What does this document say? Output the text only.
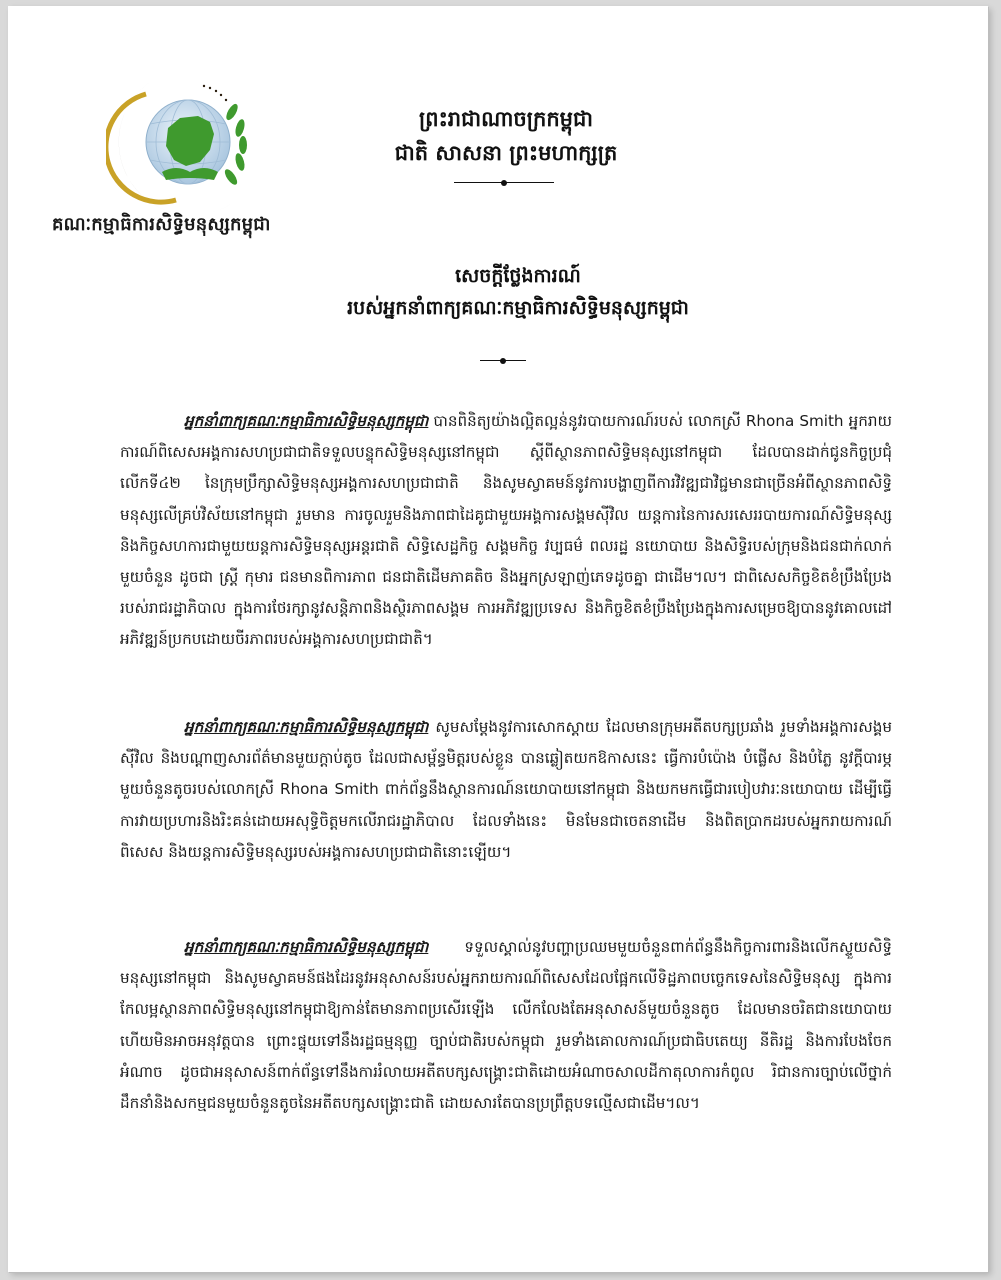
គណៈកម្មាធិការសិទ្ធិមនុស្សកម្ពុជា
ព្រះរាជាណាចក្រកម្ពុជា
ជាតិ សាសនា ព្រះមហាក្សត្រ
សេចក្តីថ្លែងការណ៍
របស់អ្នកនាំពាក្យគណៈកម្មាធិការសិទ្ធិមនុស្សកម្ពុជា
អ្នកនាំពាក្យគណៈកម្មាធិការសិទ្ធិមនុស្សកម្ពុជា បានពិនិត្យយ៉ាងល្អិតល្អន់នូវរបាយការណ៍របស់ លោកស្រី Rhona Smith អ្នករាយការណ៍ពិសេសអង្គការសហប្រជាជាតិទទួលបន្ទុកសិទ្ធិមនុស្សនៅកម្ពុជា ស្តីពីស្ថានភាពសិទ្ធិមនុស្សនៅកម្ពុជា ដែលបានដាក់ជូនកិច្ចប្រជុំលើកទី៤២ នៃក្រុមប្រឹក្សាសិទ្ធិមនុស្សអង្គការសហប្រជាជាតិ និងសូមស្វាគមន៍នូវការបង្ហាញពីការវិវឌ្ឍជាវិជ្ជមានជាច្រើនអំពីស្ថានភាពសិទ្ធិមនុស្សលើគ្រប់វិស័យនៅកម្ពុជា រួមមាន ការចូលរួមនិងភាពជាដៃគូជាមួយអង្គការសង្គមស៊ីវិល យន្តការនៃការសរសេររបាយការណ៍សិទ្ធិមនុស្ស និងកិច្ចសហការជាមួយយន្តការសិទ្ធិមនុស្សអន្តរជាតិ សិទ្ធិសេដ្ឋកិច្ច សង្គមកិច្ច វប្បធម៌ ពលរដ្ឋ នយោបាយ និងសិទ្ធិរបស់ក្រុមនិងជនជាក់លាក់មួយចំនួន ដូចជា ស្ត្រី កុមារ ជនមានពិការភាព ជនជាតិដើមភាគតិច និងអ្នកស្រឡាញ់ភេទដូចគ្នា ជាដើម។ល។ ជាពិសេសកិច្ចខិតខំប្រឹងប្រែងរបស់រាជរដ្ឋាភិបាល ក្នុងការថែរក្សានូវសន្តិភាពនិងស្ថិរភាពសង្គម ការអភិវឌ្ឍប្រទេស និងកិច្ចខិតខំប្រឹងប្រែងក្នុងការសម្រេចឱ្យបាននូវគោលដៅអភិវឌ្ឍន៍ប្រកបដោយចីរភាពរបស់អង្គការសហប្រជាជាតិ។
អ្នកនាំពាក្យគណៈកម្មាធិការសិទ្ធិមនុស្សកម្ពុជា សូមសម្តែងនូវការសោកស្តាយ ដែលមានក្រុមអតីតបក្សប្រឆាំង រួមទាំងអង្គការសង្គមស៊ីវិល និងបណ្តាញសារព័ត៌មានមួយក្តាប់តូច ដែលជាសម្ព័ន្ធមិត្តរបស់ខ្លួន បានឆ្លៀតយកឱកាសនេះ ធ្វើការបំប៉ោង បំផ្លើស និងបំភ្លៃ នូវក្តីបារម្ភមួយចំនួនតូចរបស់លោកស្រី Rhona Smith ពាក់ព័ន្ធនឹងស្ថានការណ៍នយោបាយនៅកម្ពុជា និងយកមកធ្វើជារបៀបវារៈនយោបាយ ដើម្បីធ្វើការវាយប្រហារនិងរិះគន់ដោយអសុទ្ធិចិត្តមកលើរាជរដ្ឋាភិបាល ដែលទាំងនេះ មិនមែនជាចេតនាដើម និងពិតប្រាកដរបស់អ្នករាយការណ៍ពិសេស និងយន្តការសិទ្ធិមនុស្សរបស់អង្គការសហប្រជាជាតិនោះឡើយ។
អ្នកនាំពាក្យគណៈកម្មាធិការសិទ្ធិមនុស្សកម្ពុជា ទទួលស្គាល់នូវបញ្ហាប្រឈមមួយចំនួនពាក់ព័ន្ធនឹងកិច្ចការពារនិងលើកស្ទួយសិទ្ធិមនុស្សនៅកម្ពុជា និងសូមស្វាគមន៍ផងដែរនូវអនុសាសន៍របស់អ្នករាយការណ៍ពិសេសដែលផ្អែកលើទិដ្ឋភាពបច្ចេកទេសនៃសិទ្ធិមនុស្ស ក្នុងការកែលម្អស្ថានភាពសិទ្ធិមនុស្សនៅកម្ពុជាឱ្យកាន់តែមានភាពប្រសើរឡើង លើកលែងតែអនុសាសន៍មួយចំនួនតូច ដែលមានចរិតជានយោបាយ ហើយមិនអាចអនុវត្តបាន ព្រោះផ្ទុយទៅនឹងរដ្ឋធម្មនុញ្ញ ច្បាប់ជាតិរបស់កម្ពុជា រួមទាំងគោលការណ៍ប្រជាធិបតេយ្យ នីតិរដ្ឋ និងការបែងចែកអំណាច ដូចជាអនុសាសន៍ពាក់ព័ន្ធទៅនឹងការរំលាយអតីតបក្សសង្គ្រោះជាតិដោយអំណាចសាលដីកាតុលាការកំពូល រិជានការច្បាប់លើថ្នាក់ដឹកនាំនិងសកម្មជនមួយចំនួនតូចនៃអតីតបក្សសង្គ្រោះជាតិ ដោយសារតែបានប្រព្រឹត្តបទល្មើសជាដើម។ល។
